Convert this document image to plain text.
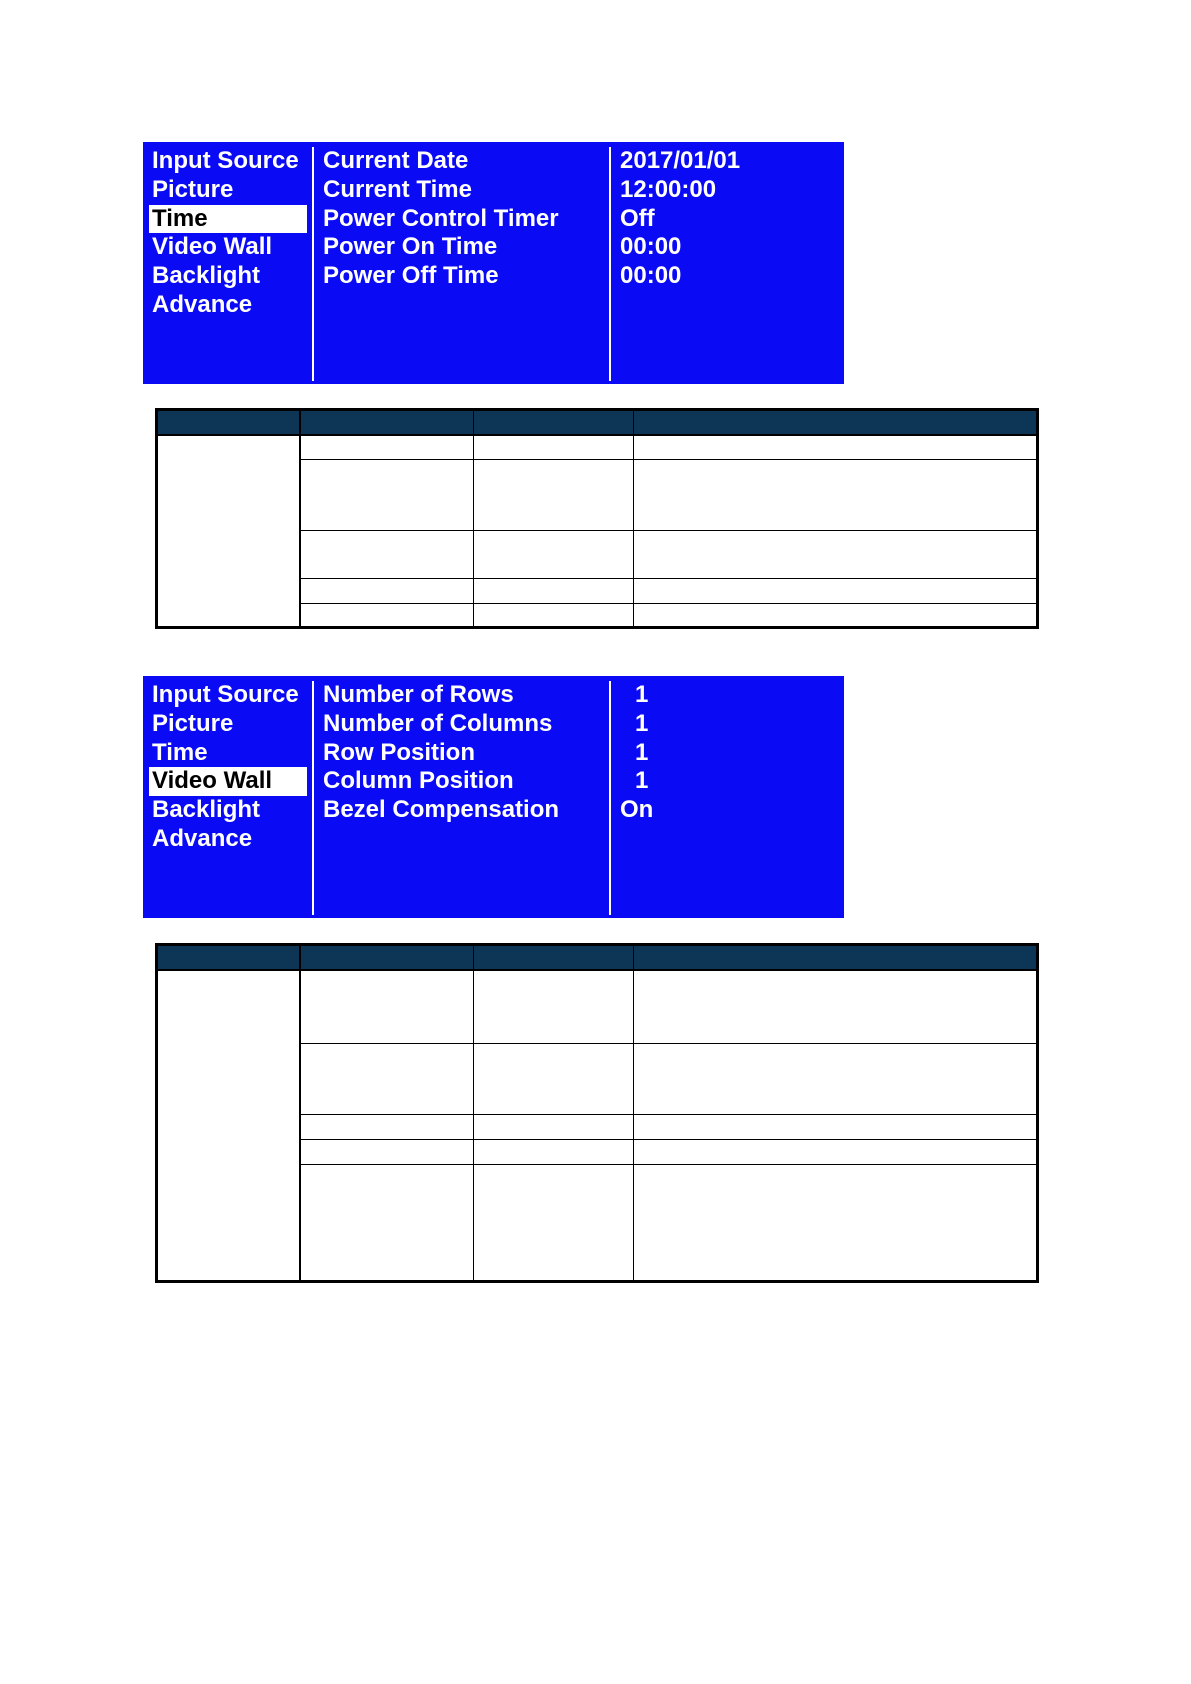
Input Source
Picture
Time
Video Wall
Backlight
Advance
Current Date
Current Time
Power Control Timer
Power On Time
Power Off Time
2017/01/01
12:00:00
Off
00:00
00:00
Input Source
Picture
Time
Video Wall
Backlight
Advance
Number of Rows
Number of Columns
Row Position
Column Position
Bezel Compensation
1
1
1
1
On
